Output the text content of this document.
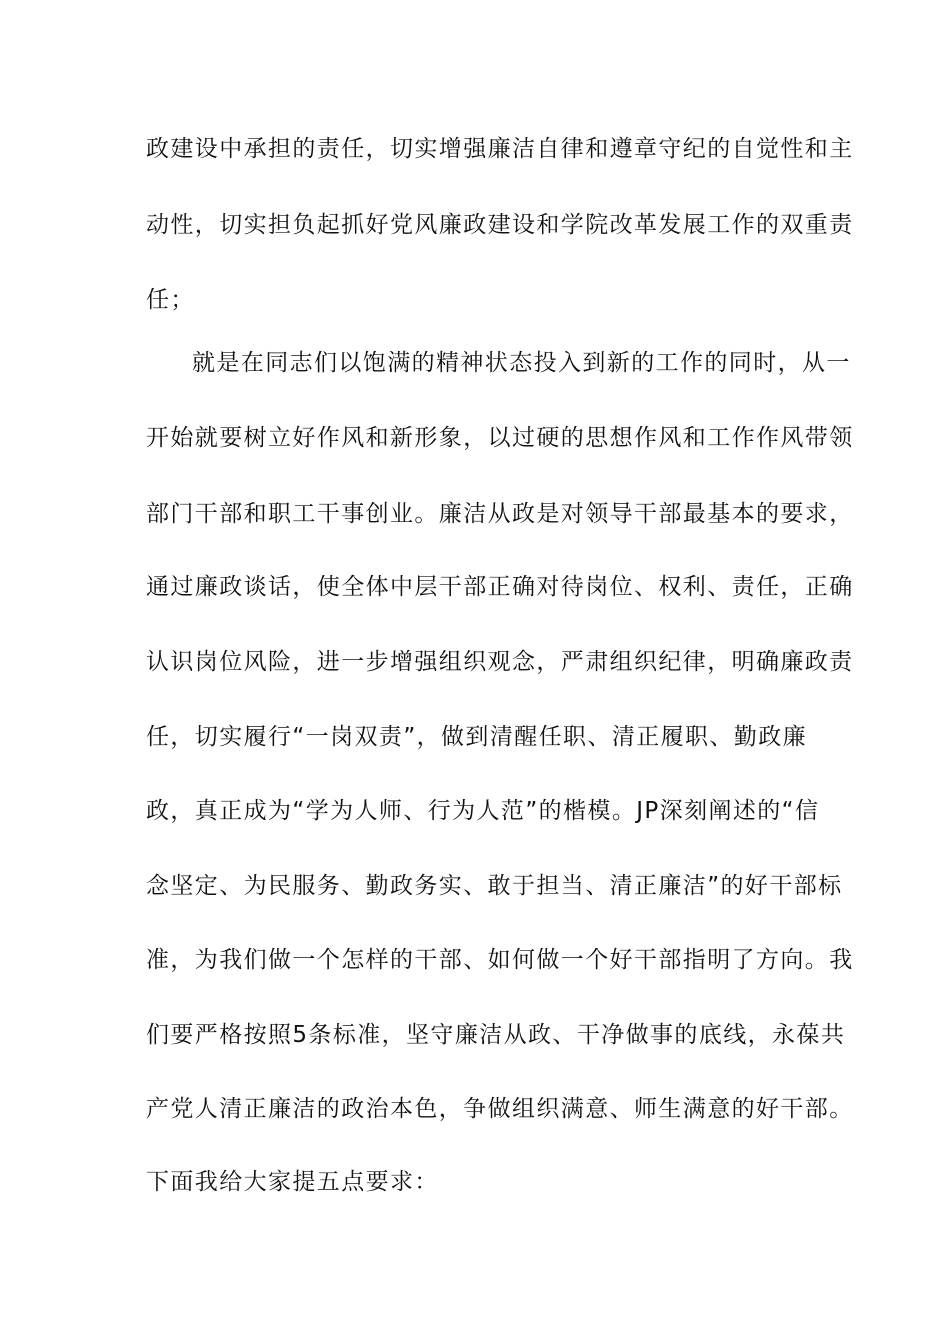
政建设中承担的责任，切实增强廉洁自律和遵章守纪的自觉性和主
动性，切实担负起抓好党风廉政建设和学院改革发展工作的双重责
任；
就是在同志们以饱满的精神状态投入到新的工作的同时，从一
开始就要树立好作风和新形象，以过硬的思想作风和工作作风带领
部门干部和职工干事创业。廉洁从政是对领导干部最基本的要求，
通过廉政谈话，使全体中层干部正确对待岗位、权利、责任，正确
认识岗位风险，进一步增强组织观念，严肃组织纪律，明确廉政责
任，切实履行“一岗双责”，做到清醒任职、清正履职、勤政廉
政，真正成为“学为人师、行为人范”的楷模。JP深刻阐述的“信
念坚定、为民服务、勤政务实、敢于担当、清正廉洁”的好干部标
准，为我们做一个怎样的干部、如何做一个好干部指明了方向。我
们要严格按照5条标准，坚守廉洁从政、干净做事的底线，永葆共
产党人清正廉洁的政治本色，争做组织满意、师生满意的好干部。
下面我给大家提五点要求：
